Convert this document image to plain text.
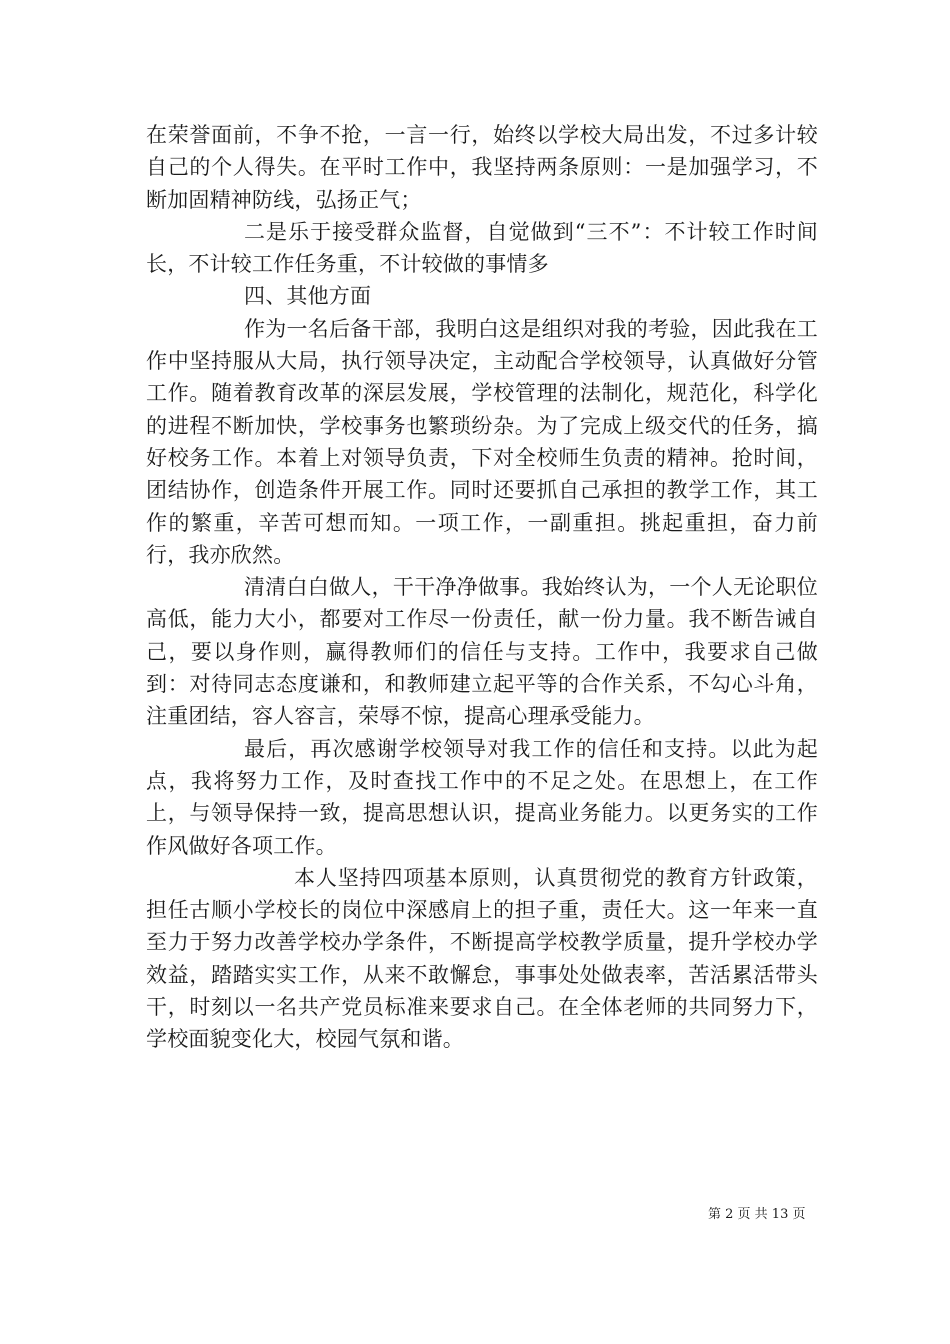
在荣誉面前，不争不抢，一言一行，始终以学校大局出发，不过多计较自己的个人得失。在平时工作中，我坚持两条原则：一是加强学习，不断加固精神防线，弘扬正气；

二是乐于接受群众监督，自觉做到“三不”：不计较工作时间长，不计较工作任务重，不计较做的事情多

四、其他方面

作为一名后备干部，我明白这是组织对我的考验，因此我在工作中坚持服从大局，执行领导决定，主动配合学校领导，认真做好分管工作。随着教育改革的深层发展，学校管理的法制化，规范化，科学化的进程不断加快，学校事务也繁琐纷杂。为了完成上级交代的任务，搞好校务工作。本着上对领导负责，下对全校师生负责的精神。抢时间，团结协作，创造条件开展工作。同时还要抓自己承担的教学工作，其工作的繁重，辛苦可想而知。一项工作，一副重担。挑起重担，奋力前行，我亦欣然。

清清白白做人，干干净净做事。我始终认为，一个人无论职位高低，能力大小，都要对工作尽一份责任，献一份力量。我不断告诫自己，要以身作则，赢得教师们的信任与支持。工作中，我要求自己做到：对待同志态度谦和，和教师建立起平等的合作关系，不勾心斗角，注重团结，容人容言，荣辱不惊，提高心理承受能力。

最后，再次感谢学校领导对我工作的信任和支持。以此为起点，我将努力工作，及时查找工作中的不足之处。在思想上，在工作上，与领导保持一致，提高思想认识，提高业务能力。以更务实的工作作风做好各项工作。

本人坚持四项基本原则，认真贯彻党的教育方针政策，担任古顺小学校长的岗位中深感肩上的担子重，责任大。这一年来一直至力于努力改善学校办学条件，不断提高学校教学质量，提升学校办学效益，踏踏实实工作，从来不敢懈怠，事事处处做表率，苦活累活带头干，时刻以一名共产党员标准来要求自己。在全体老师的共同努力下，学校面貌变化大，校园气氛和谐。

第 2 页 共 13 页
